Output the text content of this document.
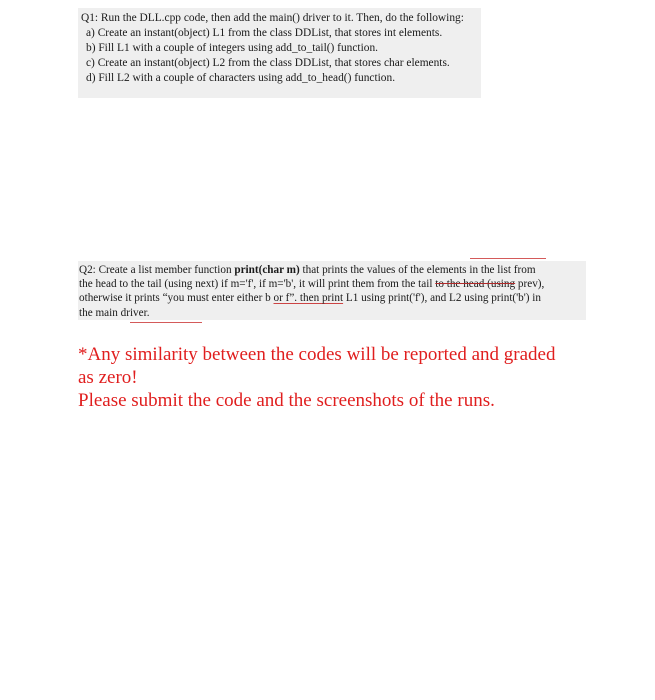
Q1: Run the DLL.cpp code, then add the main() driver to it. Then, do the following:
a) Create an instant(object) L1 from the class DDList, that stores int elements.
b) Fill L1 with a couple of integers using add_to_tail() function.
c) Create an instant(object) L2 from the class DDList, that stores char elements.
d) Fill L2 with a couple of characters using add_to_head() function.
Q2: Create a list member function print(char m) that prints the values of the elements in the list from
the head to the tail (using next) if m='f', if m='b', it will print them from the tail to the head (using prev),
otherwise it prints “you must enter either b or f”. then print L1 using print('f'), and L2 using print('b') in
the main driver.

*Any similarity between the codes will be reported and graded

as zero!

Please submit the code and the screenshots of the runs.
